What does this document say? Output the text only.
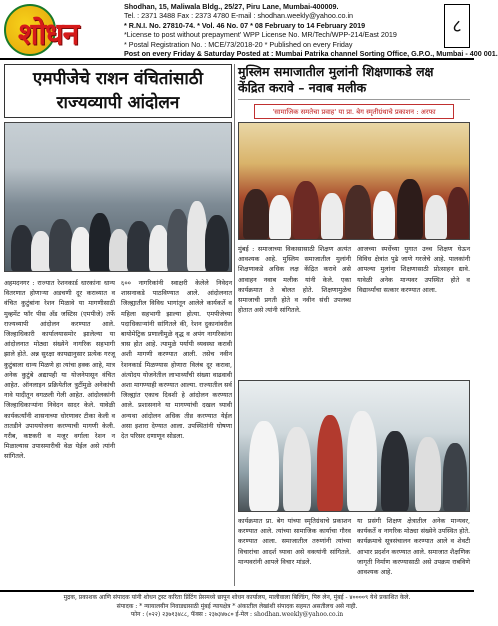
शोधन
Shodhan, 15, Maliwala Bldg., 25/27, Piru Lane, Mumbai-400009.
Tel. : 2371 3488 Fax : 2373 4780 E-mail : shodhan.weekly@yahoo.co.in
* R.N.I. No. 27810-74. * Vol. 46 No. 07 * 08 February to 14 February 2019
*License to post without prepayment' WPP License No. MR/Tech/WPP-214/East 2019
* Postal Registration No. : MCE/73/2018-20 * Published on every Friday
Post on every Friday & Saturday Posted at : Mumbai Patrika channel Sorting Office, G.P.O., Mumbai - 400 001.
८
एमपीजेचे राशन वंचितांसाठी
राज्यव्यापी आंदोलन
अहमदनगर : राज्यात रेशनकार्ड धारकांना धान्य वितरणात होणाऱ्या अडचणी दूर कराव्यात व वंचित कुटुंबांना रेशन मिळावे या मागणीसाठी मुव्हमेंट फॉर पीस अँड जस्टिस (एमपीजे) तर्फे राज्यव्यापी आंदोलन करण्यात आले. जिल्हाधिकारी कार्यालयासमोर झालेल्या या आंदोलनात मोठ्या संख्येने नागरिक सहभागी झाले होते. अन्न सुरक्षा कायद्यानुसार प्रत्येक गरजू कुटुंबाला धान्य मिळणे हा त्यांचा हक्क आहे, मात्र अनेक कुटुंबे अद्यापही या योजनेपासून वंचित आहेत. ऑनलाइन प्रक्रियेतील त्रुटींमुळे अनेकांची नावे यादीतून वगळली गेली आहेत. आंदोलकांनी जिल्हाधिकाऱ्यांना निवेदन सादर केले. यावेळी कार्यकर्त्यांनी शासनाच्या धोरणावर टीका केली व तातडीने उपाययोजना करण्याची मागणी केली. गरीब, कष्टकरी व मजूर वर्गाला रेशन न मिळाल्यास उपासमारीची वेळ येईल असे त्यांनी सांगितले.
६०० नागरिकांनी स्वाक्षरी केलेले निवेदन शासनाकडे पाठविण्यात आले. आंदोलनात जिल्ह्यातील विविध भागांतून आलेले कार्यकर्ते व महिला सहभागी झाल्या होत्या. एमपीजेच्या पदाधिकाऱ्यांनी सांगितले की, रेशन दुकानांवरील बायोमेट्रिक प्रणालीमुळे वृद्ध व अपंग नागरिकांना त्रास होत आहे. त्यामुळे पर्यायी व्यवस्था करावी अशी मागणी करण्यात आली. तसेच नवीन रेशनकार्ड मिळण्यास होणारा विलंब दूर करावा, अंत्योदय योजनेतील लाभार्थ्यांची संख्या वाढवावी अशा मागण्याही करण्यात आल्या. राज्यातील सर्व जिल्ह्यांत एकाच दिवशी हे आंदोलन करण्यात आले. प्रशासनाने या मागण्यांची दखल घ्यावी अन्यथा आंदोलन अधिक तीव्र करण्यात येईल असा इशारा देण्यात आला. उपस्थितांनी घोषणा देत परिसर दणाणून सोडला.
मुस्लिम समाजातील मुलांनी शिक्षणाकडे लक्ष
केंद्रित करावे – नवाब मलीक
'सामाजिक समतेचा प्रवाह' या प्रा. बेग स्मृतीग्रंथाचे प्रकाशन : अरफा
मुंबई : समाजाच्या विकासासाठी शिक्षण अत्यंत आवश्यक आहे. मुस्लिम समाजातील मुलांनी शिक्षणाकडे अधिक लक्ष केंद्रित करावे असे आवाहन नवाब मलीक यांनी केले. एका कार्यक्रमात ते बोलत होते. शिक्षणामुळेच समाजाची प्रगती होते व नवीन संधी उपलब्ध होतात असे त्यांनी सांगितले.
आजच्या स्पर्धेच्या युगात उच्च शिक्षण घेऊन विविध क्षेत्रांत पुढे जाणे गरजेचे आहे. पालकांनी आपल्या मुलांना शिक्षणासाठी प्रोत्साहन द्यावे. यावेळी अनेक मान्यवर उपस्थित होते व विद्यार्थ्यांचा सत्कार करण्यात आला.
कार्यक्रमात प्रा. बेग यांच्या स्मृतिग्रंथाचे प्रकाशन करण्यात आले. त्यांच्या सामाजिक कार्याचा गौरव करण्यात आला. समाजातील तरुणांनी त्यांच्या विचारांचा आदर्श घ्यावा असे वक्त्यांनी सांगितले. मान्यवरांनी आपले विचार मांडले.
या प्रसंगी शिक्षण क्षेत्रातील अनेक मान्यवर, कार्यकर्ते व नागरिक मोठ्या संख्येने उपस्थित होते. कार्यक्रमाचे सूत्रसंचालन करण्यात आले व शेवटी आभार प्रदर्शन करण्यात आले. समाजात शैक्षणिक जागृती निर्माण करण्यासाठी असे उपक्रम राबविणे आवश्यक आहे.
मुद्रक, प्रकाशक आणि संपादक यांनी शोधन ट्रस्ट करिता प्रिंटिंग प्रेसमध्ये छापून शोधन कार्यालय, मालीवाला बिल्डिंग, पिरु लेन, मुंबई - ४००००९ येथे प्रकाशित केले.
संपादक : * न्यायालयीन निवाड्यासाठी मुंबई न्यायक्षेत्र * अंकातील लेखांशी संपादक सहमत असतीलच असे नाही.
फोन : (०२२) २३७१३४८८, फॅक्स : २३७३४७८० ई-मेल : shodhan.weekly@yahoo.co.in
